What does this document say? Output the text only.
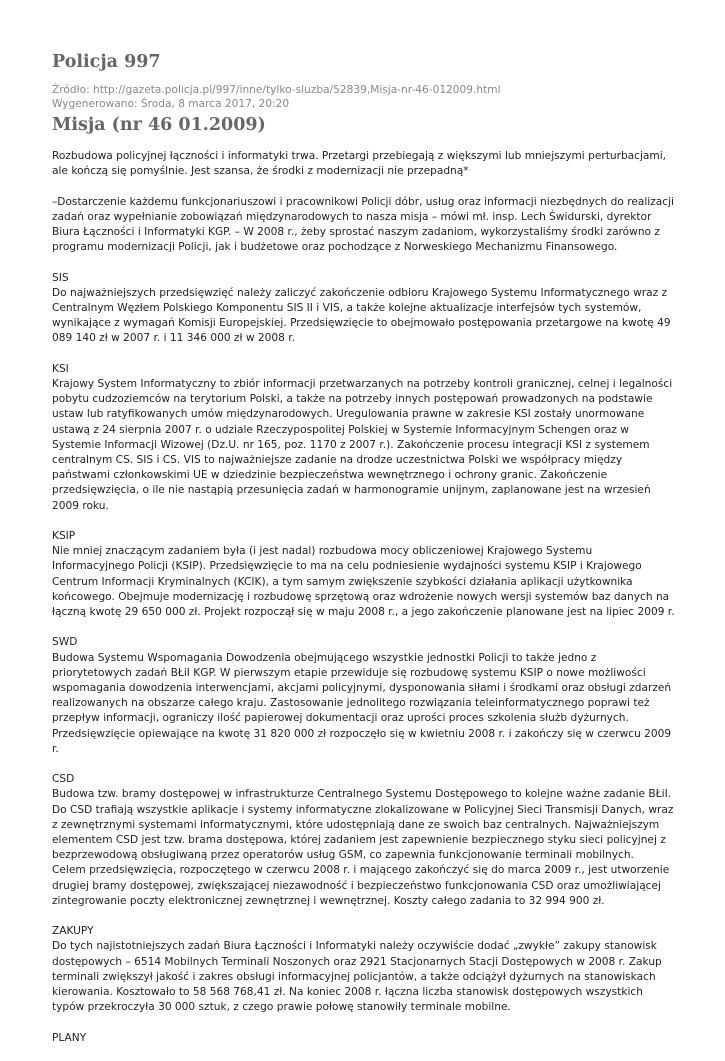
Policja 997
Źródło: http://gazeta.policja.pl/997/inne/tylko-sluzba/52839,Misja-nr-46-012009.html
Wygenerowano: Środa, 8 marca 2017, 20:20
Misja (nr 46 01.2009)

Rozbudowa policyjnej łączności i informatyki trwa. Przetargi przebiegają z większymi lub mniejszymi perturbacjami, ale kończą się pomyślnie. Jest szansa, że środki z modernizacji nie przepadną*

–Dostarczenie każdemu funkcjonariuszowi i pracownikowi Policji dóbr, usług oraz informacji niezbędnych do realizacji zadań oraz wypełnianie zobowiązań międzynarodowych to nasza misja – mówi mł. insp. Lech Świdurski, dyrektor Biura Łączności i Informatyki KGP. – W 2008 r., żeby sprostać naszym zadaniom, wykorzystaliśmy środki zarówno z programu modernizacji Policji, jak i budżetowe oraz pochodzące z Norweskiego Mechanizmu Finansowego.

SIS
Do najważniejszych przedsięwzięć należy zaliczyć zakończenie odbioru Krajowego Systemu Informatycznego wraz z Centralnym Węzłem Polskiego Komponentu SIS II i VIS, a także kolejne aktualizacje interfejsów tych systemów, wynikające z wymagań Komisji Europejskiej. Przedsięwzięcie to obejmowało postępowania przetargowe na kwotę 49 089 140 zł w 2007 r. i 11 346 000 zł w 2008 r.

KSI
Krajowy System Informatyczny to zbiór informacji przetwarzanych na potrzeby kontroli granicznej, celnej i legalności pobytu cudzoziemców na terytorium Polski, a także na potrzeby innych postępowań prowadzonych na podstawie ustaw lub ratyfikowanych umów międzynarodowych. Uregulowania prawne w zakresie KSI zostały unormowane ustawą z 24 sierpnia 2007 r. o udziale Rzeczypospolitej Polskiej w Systemie Informacyjnym Schengen oraz w Systemie Informacji Wizowej (Dz.U. nr 165, poz. 1170 z 2007 r.). Zakończenie procesu integracji KSI z systemem centralnym CS. SIS i CS. VIS to najważniejsze zadanie na drodze uczestnictwa Polski we współpracy między państwami członkowskimi UE w dziedzinie bezpieczeństwa wewnętrznego i ochrony granic. Zakończenie przedsięwzięcia, o ile nie nastąpią przesunięcia zadań w harmonogramie unijnym, zaplanowane jest na wrzesień 2009 roku.

KSIP
Nie mniej znaczącym zadaniem była (i jest nadal) rozbudowa mocy obliczeniowej Krajowego Systemu Informacyjnego Policji (KSIP). Przedsięwzięcie to ma na celu podniesienie wydajności systemu KSIP i Krajowego Centrum Informacji Kryminalnych (KCIK), a tym samym zwiększenie szybkości działania aplikacji użytkownika końcowego. Obejmuje modernizację i rozbudowę sprzętową oraz wdrożenie nowych wersji systemów baz danych na łączną kwotę 29 650 000 zł. Projekt rozpoczął się w maju 2008 r., a jego zakończenie planowane jest na lipiec 2009 r.

SWD
Budowa Systemu Wspomagania Dowodzenia obejmującego wszystkie jednostki Policji to także jedno z priorytetowych zadań BŁiI KGP. W pierwszym etapie przewiduje się rozbudowę systemu KSIP o nowe możliwości wspomagania dowodzenia interwencjami, akcjami policyjnymi, dysponowania siłami i środkami oraz obsługi zdarzeń realizowanych na obszarze całego kraju. Zastosowanie jednolitego rozwiązania teleinformatycznego poprawi też przepływ informacji, ograniczy ilość papierowej dokumentacji oraz uprości proces szkolenia służb dyżurnych. Przedsięwzięcie opiewające na kwotę 31 820 000 zł rozpoczęło się w kwietniu 2008 r. i zakończy się w czerwcu 2009 r.

CSD
Budowa tzw. bramy dostępowej w infrastrukturze Centralnego Systemu Dostępowego to kolejne ważne zadanie BŁiI. Do CSD trafiają wszystkie aplikacje i systemy informatyczne zlokalizowane w Policyjnej Sieci Transmisji Danych, wraz z zewnętrznymi systemami informatycznymi, które udostępniają dane ze swoich baz centralnych. Najważniejszym elementem CSD jest tzw. brama dostępowa, której zadaniem jest zapewnienie bezpiecznego styku sieci policyjnej z bezprzewodową obsługiwaną przez operatorów usług GSM, co zapewnia funkcjonowanie terminali mobilnych.
Celem przedsięwzięcia, rozpoczętego w czerwcu 2008 r. i mającego zakończyć się do marca 2009 r., jest utworzenie drugiej bramy dostępowej, zwiększającej niezawodność i bezpieczeństwo funkcjonowania CSD oraz umożliwiającej zintegrowanie poczty elektronicznej zewnętrznej i wewnętrznej. Koszty całego zadania to 32 994 900 zł.

ZAKUPY
Do tych najistotniejszych zadań Biura Łączności i Informatyki należy oczywiście dodać „zwykłe” zakupy stanowisk dostępowych – 6514 Mobilnych Terminali Noszonych oraz 2921 Stacjonarnych Stacji Dostępowych w 2008 r. Zakup terminali zwiększył jakość i zakres obsługi informacyjnej policjantów, a także odciążył dyżurnych na stanowiskach kierowania. Kosztowało to 58 568 768,41 zł. Na koniec 2008 r. łączna liczba stanowisk dostępowych wszystkich typów przekroczyła 30 000 sztuk, z czego prawie połowę stanowiły terminale mobilne.

PLANY
